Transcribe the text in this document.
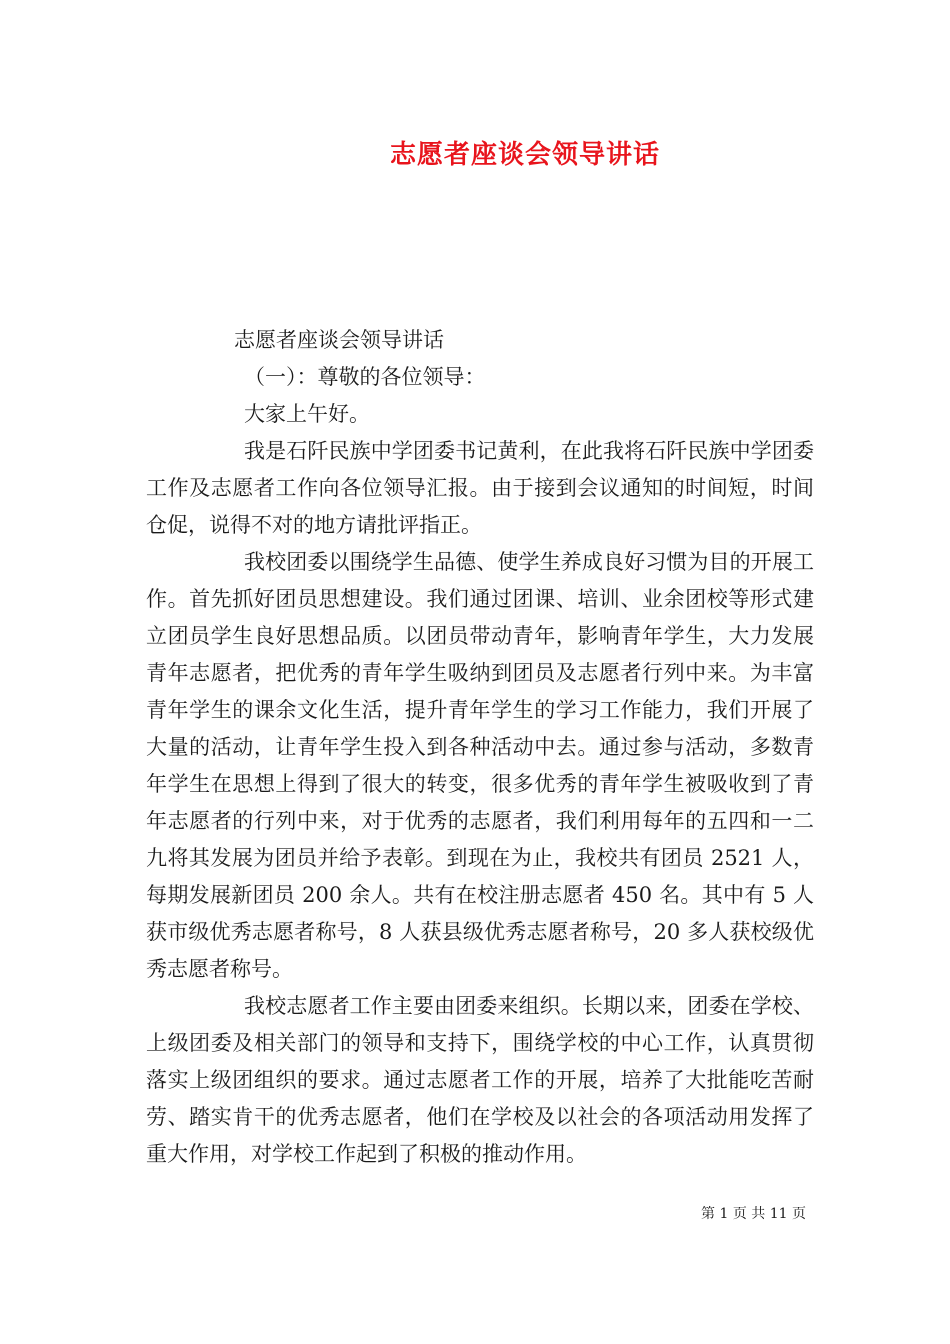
志愿者座谈会领导讲话

志愿者座谈会领导讲话

（一）：尊敬的各位领导：

大家上午好。

我是石阡民族中学团委书记黄利，在此我将石阡民族中学团委工作及志愿者工作向各位领导汇报。由于接到会议通知的时间短，时间仓促，说得不对的地方请批评指正。

我校团委以围绕学生品德、使学生养成良好习惯为目的开展工作。首先抓好团员思想建设。我们通过团课、培训、业余团校等形式建立团员学生良好思想品质。以团员带动青年，影响青年学生，大力发展青年志愿者，把优秀的青年学生吸纳到团员及志愿者行列中来。为丰富青年学生的课余文化生活，提升青年学生的学习工作能力，我们开展了大量的活动，让青年学生投入到各种活动中去。通过参与活动，多数青年学生在思想上得到了很大的转变，很多优秀的青年学生被吸收到了青年志愿者的行列中来，对于优秀的志愿者，我们利用每年的五四和一二九将其发展为团员并给予表彰。到现在为止，我校共有团员 2521 人，每期发展新团员 200 余人。共有在校注册志愿者 450 名。其中有 5 人获市级优秀志愿者称号，8 人获县级优秀志愿者称号，20 多人获校级优秀志愿者称号。

我校志愿者工作主要由团委来组织。长期以来，团委在学校、上级团委及相关部门的领导和支持下，围绕学校的中心工作，认真贯彻落实上级团组织的要求。通过志愿者工作的开展，培养了大批能吃苦耐劳、踏实肯干的优秀志愿者，他们在学校及以社会的各项活动用发挥了重大作用，对学校工作起到了积极的推动作用。

第 1 页 共 11 页
